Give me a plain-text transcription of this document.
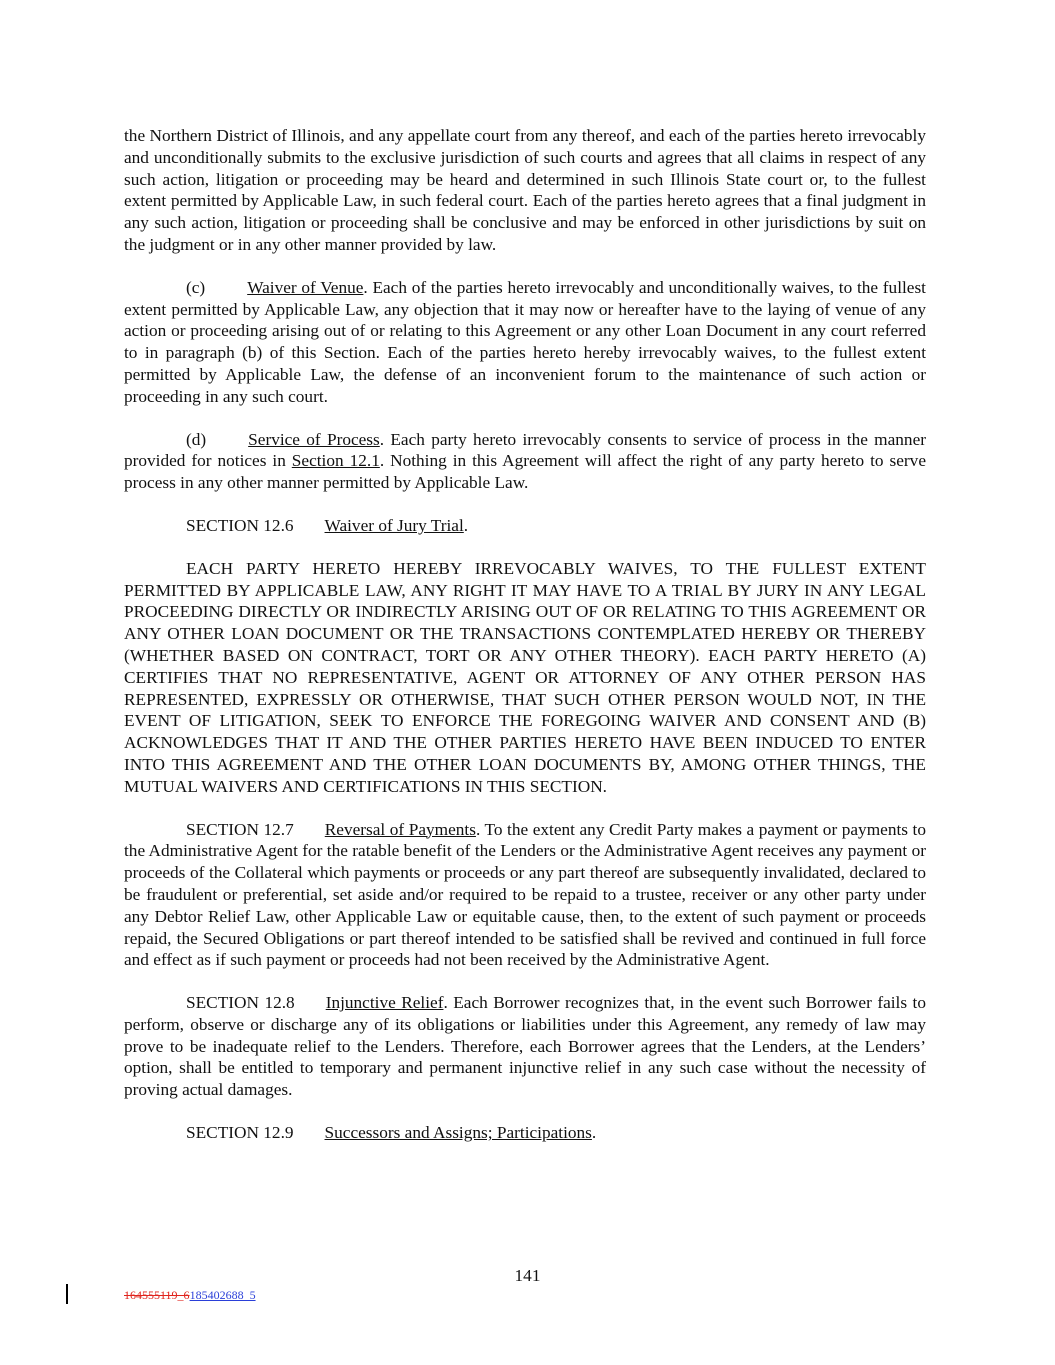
the Northern District of Illinois, and any appellate court from any thereof, and each of the parties hereto irrevocably and unconditionally submits to the exclusive jurisdiction of such courts and agrees that all claims in respect of any such action, litigation or proceeding may be heard and determined in such Illinois State court or, to the fullest extent permitted by Applicable Law, in such federal court. Each of the parties hereto agrees that a final judgment in any such action, litigation or proceeding shall be conclusive and may be enforced in other jurisdictions by suit on the judgment or in any other manner provided by law.

(c) Waiver of Venue. Each of the parties hereto irrevocably and unconditionally waives, to the fullest extent permitted by Applicable Law, any objection that it may now or hereafter have to the laying of venue of any action or proceeding arising out of or relating to this Agreement or any other Loan Document in any court referred to in paragraph (b) of this Section. Each of the parties hereto hereby irrevocably waives, to the fullest extent permitted by Applicable Law, the defense of an inconvenient forum to the maintenance of such action or proceeding in any such court.

(d) Service of Process. Each party hereto irrevocably consents to service of process in the manner provided for notices in Section 12.1. Nothing in this Agreement will affect the right of any party hereto to serve process in any other manner permitted by Applicable Law.

SECTION 12.6 Waiver of Jury Trial.

EACH PARTY HERETO HEREBY IRREVOCABLY WAIVES, TO THE FULLEST EXTENT PERMITTED BY APPLICABLE LAW, ANY RIGHT IT MAY HAVE TO A TRIAL BY JURY IN ANY LEGAL PROCEEDING DIRECTLY OR INDIRECTLY ARISING OUT OF OR RELATING TO THIS AGREEMENT OR ANY OTHER LOAN DOCUMENT OR THE TRANSACTIONS CONTEMPLATED HEREBY OR THEREBY (WHETHER BASED ON CONTRACT, TORT OR ANY OTHER THEORY). EACH PARTY HERETO (A) CERTIFIES THAT NO REPRESENTATIVE, AGENT OR ATTORNEY OF ANY OTHER PERSON HAS REPRESENTED, EXPRESSLY OR OTHERWISE, THAT SUCH OTHER PERSON WOULD NOT, IN THE EVENT OF LITIGATION, SEEK TO ENFORCE THE FOREGOING WAIVER AND CONSENT AND (B) ACKNOWLEDGES THAT IT AND THE OTHER PARTIES HERETO HAVE BEEN INDUCED TO ENTER INTO THIS AGREEMENT AND THE OTHER LOAN DOCUMENTS BY, AMONG OTHER THINGS, THE MUTUAL WAIVERS AND CERTIFICATIONS IN THIS SECTION.

SECTION 12.7 Reversal of Payments. To the extent any Credit Party makes a payment or payments to the Administrative Agent for the ratable benefit of the Lenders or the Administrative Agent receives any payment or proceeds of the Collateral which payments or proceeds or any part thereof are subsequently invalidated, declared to be fraudulent or preferential, set aside and/or required to be repaid to a trustee, receiver or any other party under any Debtor Relief Law, other Applicable Law or equitable cause, then, to the extent of such payment or proceeds repaid, the Secured Obligations or part thereof intended to be satisfied shall be revived and continued in full force and effect as if such payment or proceeds had not been received by the Administrative Agent.

SECTION 12.8 Injunctive Relief. Each Borrower recognizes that, in the event such Borrower fails to perform, observe or discharge any of its obligations or liabilities under this Agreement, any remedy of law may prove to be inadequate relief to the Lenders. Therefore, each Borrower agrees that the Lenders, at the Lenders’ option, shall be entitled to temporary and permanent injunctive relief in any such case without the necessity of proving actual damages.

SECTION 12.9 Successors and Assigns; Participations.

141
164555119_6185402688_5
